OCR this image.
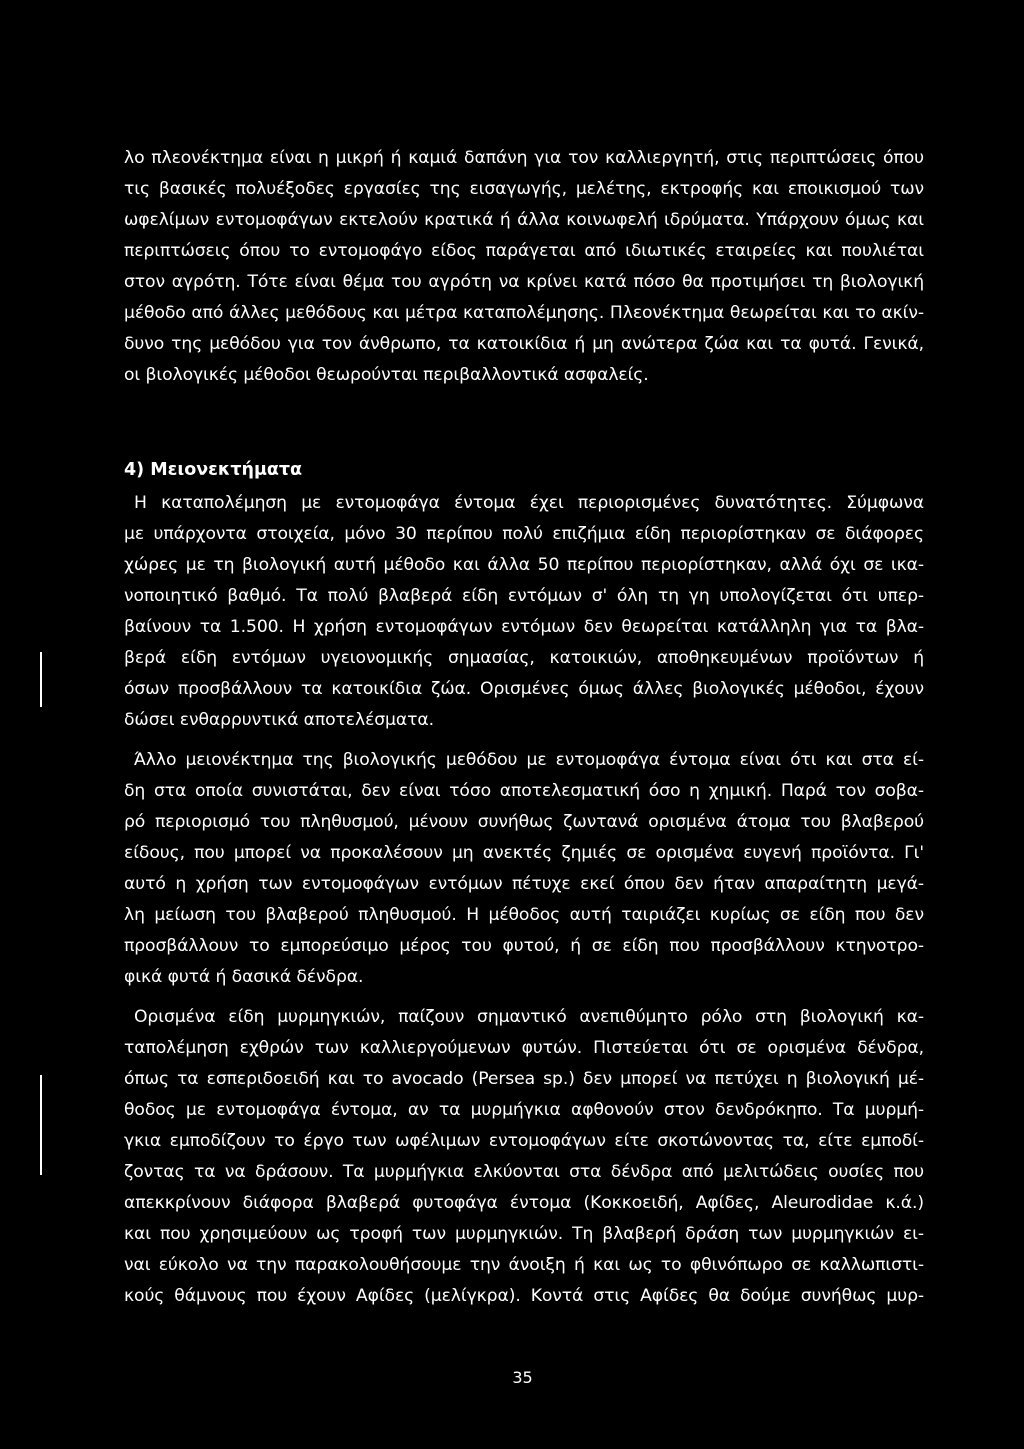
λο πλεονέκτημα είναι η μικρή ή καμιά δαπάνη για τον καλλιεργητή, στις περιπτώσεις όπου
τις βασικές πολυέξοδες εργασίες της εισαγωγής, μελέτης, εκτροφής και εποικισμού των
ωφελίμων εντομοφάγων εκτελούν κρατικά ή άλλα κοινωφελή ιδρύματα. Υπάρχουν όμως και
περιπτώσεις όπου το εντομοφάγο είδος παράγεται από ιδιωτικές εταιρείες και πουλιέται
στον αγρότη. Τότε είναι θέμα του αγρότη να κρίνει κατά πόσο θα προτιμήσει τη βιολογική
μέθοδο από άλλες μεθόδους και μέτρα καταπολέμησης. Πλεονέκτημα θεωρείται και το ακίν-
δυνο της μεθόδου για τον άνθρωπο, τα κατοικίδια ή μη ανώτερα ζώα και τα φυτά. Γενικά,
οι βιολογικές μέθοδοι θεωρούνται περιβαλλοντικά ασφαλείς.
4) Μειονεκτήματα
Η καταπολέμηση με εντομοφάγα έντομα έχει περιορισμένες δυνατότητες. Σύμφωνα
με υπάρχοντα στοιχεία, μόνο 30 περίπου πολύ επιζήμια είδη περιορίστηκαν σε διάφορες
χώρες με τη βιολογική αυτή μέθοδο και άλλα 50 περίπου περιορίστηκαν, αλλά όχι σε ικα-
νοποιητικό βαθμό. Τα πολύ βλαβερά είδη εντόμων σ' όλη τη γη υπολογίζεται ότι υπερ-
βαίνουν τα 1.500. Η χρήση εντομοφάγων εντόμων δεν θεωρείται κατάλληλη για τα βλα-
βερά είδη εντόμων υγειονομικής σημασίας, κατοικιών, αποθηκευμένων προϊόντων ή
όσων προσβάλλουν τα κατοικίδια ζώα. Ορισμένες όμως άλλες βιολογικές μέθοδοι, έχουν
δώσει ενθαρρυντικά αποτελέσματα.
Άλλο μειονέκτημα της βιολογικής μεθόδου με εντομοφάγα έντομα είναι ότι και στα εί-
δη στα οποία συνιστάται, δεν είναι τόσο αποτελεσματική όσο η χημική. Παρά τον σοβα-
ρό περιορισμό του πληθυσμού, μένουν συνήθως ζωντανά ορισμένα άτομα του βλαβερού
είδους, που μπορεί να προκαλέσουν μη ανεκτές ζημιές σε ορισμένα ευγενή προϊόντα. Γι'
αυτό η χρήση των εντομοφάγων εντόμων πέτυχε εκεί όπου δεν ήταν απαραίτητη μεγά-
λη μείωση του βλαβερού πληθυσμού. Η μέθοδος αυτή ταιριάζει κυρίως σε είδη που δεν
προσβάλλουν το εμπορεύσιμο μέρος του φυτού, ή σε είδη που προσβάλλουν κτηνοτρο-
φικά φυτά ή δασικά δένδρα.
Ορισμένα είδη μυρμηγκιών, παίζουν σημαντικό ανεπιθύμητο ρόλο στη βιολογική κα-
ταπολέμηση εχθρών των καλλιεργούμενων φυτών. Πιστεύεται ότι σε ορισμένα δένδρα,
όπως τα εσπεριδοειδή και το avocado (Persea sp.) δεν μπορεί να πετύχει η βιολογική μέ-
θοδος με εντομοφάγα έντομα, αν τα μυρμήγκια αφθονούν στον δενδρόκηπο. Τα μυρμή-
γκια εμποδίζουν το έργο των ωφέλιμων εντομοφάγων είτε σκοτώνοντας τα, είτε εμποδί-
ζοντας τα να δράσουν. Τα μυρμήγκια ελκύονται στα δένδρα από μελιτώδεις ουσίες που
απεκκρίνουν διάφορα βλαβερά φυτοφάγα έντομα (Κοκκοειδή, Αφίδες, Aleurodidae κ.ά.)
και που χρησιμεύουν ως τροφή των μυρμηγκιών. Τη βλαβερή δράση των μυρμηγκιών ει-
ναι εύκολο να την παρακολουθήσουμε την άνοιξη ή και ως το φθινόπωρο σε καλλωπιστι-
κούς θάμνους που έχουν Αφίδες (μελίγκρα). Κοντά στις Αφίδες θα δούμε συνήθως μυρ-
35
